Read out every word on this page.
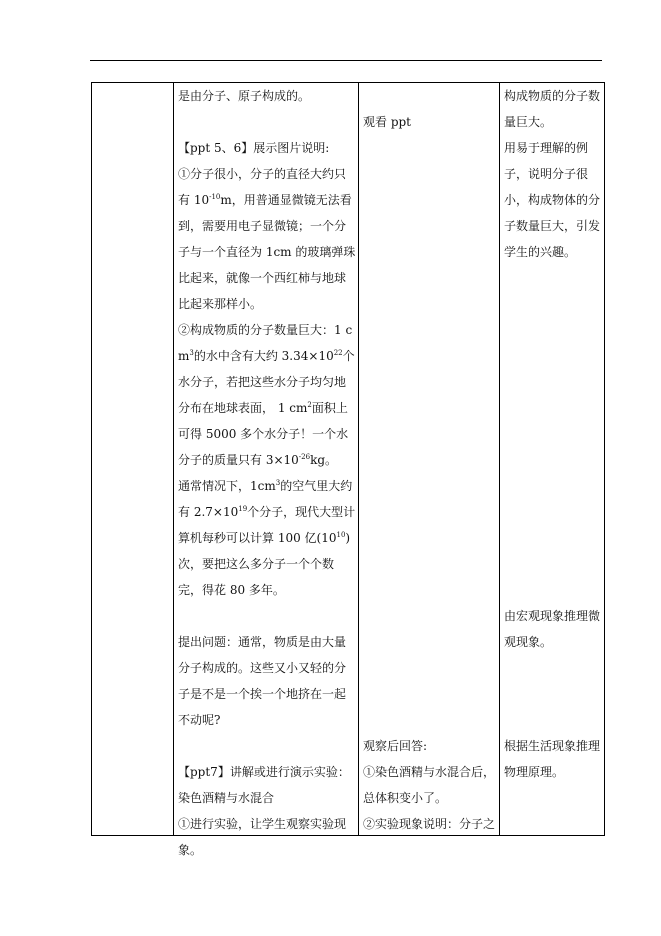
是由分子、原子构成的。

【ppt 5、6】展示图片说明:

①分子很小，分子的直径大约只有 $10^{-10}m$，用普通显微镜无法看到，需要用电子显微镜；一个分子与一个直径为 1cm 的玻璃弹珠比起来，就像一个西红柿与地球比起来那样小。

②构成物质的分子数量巨大：1 $cm^3$的水中含有大约 $3.34\times 10^{22}$个水分子，若把这些水分子均匀地分布在地球表面， 1 $cm^2$面积上可得 5000 多个水分子！一个水分子的质量只有 $3\times 10^{-26}kg$。

通常情况下，$1cm^3$的空气里大约有 $2.7\times 10^{19}$个分子，现代大型计算机每秒可以计算 100 亿$(10^{10})$次，要把这么多分子一个个数完，得花 80 多年。

提出问题：通常，物质是由大量分子构成的。这些又小又轻的分子是不是一个挨一个地挤在一起不动呢?

【ppt7】讲解或进行演示实验：染色酒精与水混合

①进行实验，让学生观察实验现象。

观看 ppt

观察后回答:

①染色酒精与水混合后，总体积变小了。

②实验现象说明：分子之

构成物质的分子数量巨大。

用易于理解的例子，说明分子很小，构成物体的分子数量巨大，引发学生的兴趣。

由宏观现象推理微观现象。

根据生活现象推理物理原理。
